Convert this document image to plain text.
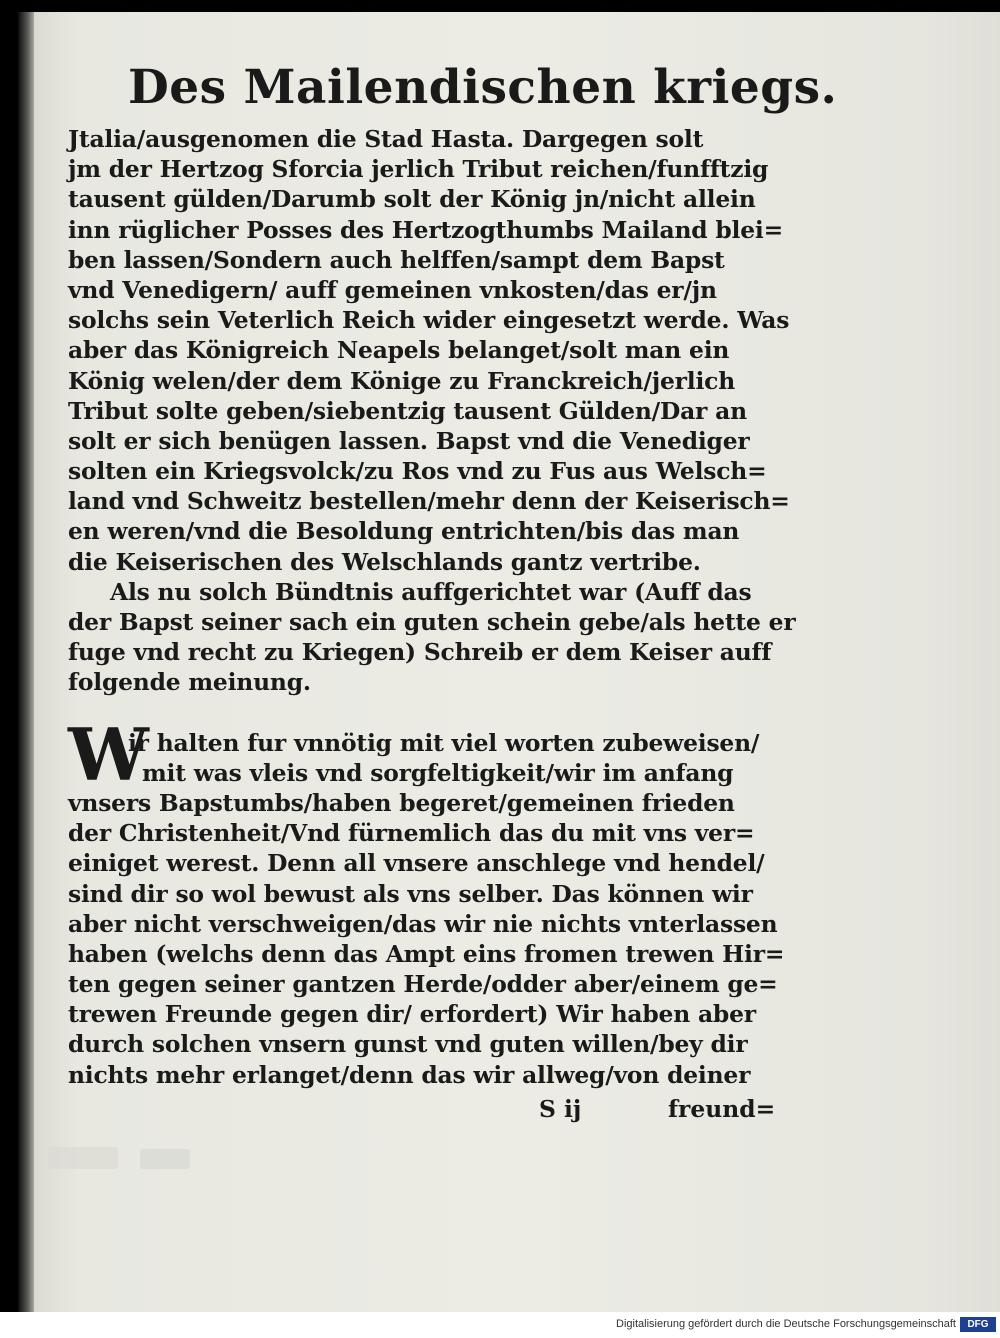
Des Mailendischen kriegs.
Jtalia/ausgenomen die Stad Hasta. Dargegen solt
jm der Hertzog Sforcia jerlich Tribut reichen/funfftzig
tausent gülden/Darumb solt der König jn/nicht allein
inn rüglicher Posses des Hertzogthumbs Mailand blei=
ben lassen/Sondern auch helffen/sampt dem Bapst
vnd Venedigern/ auff gemeinen vnkosten/das er/jn
solchs sein Veterlich Reich wider eingesetzt werde. Was
aber das Königreich Neapels belanget/solt man ein
König welen/der dem Könige zu Franckreich/jerlich
Tribut solte geben/siebentzig tausent Gülden/Dar an
solt er sich benügen lassen. Bapst vnd die Venediger
solten ein Kriegsvolck/zu Ros vnd zu Fus aus Welsch=
land vnd Schweitz bestellen/mehr denn der Keiserisch=
en weren/vnd die Besoldung entrichten/bis das man
die Keiserischen des Welschlands gantz vertribe.
Als nu solch Bündtnis auffgerichtet war (Auff das
der Bapst seiner sach ein guten schein gebe/als hette er
fuge vnd recht zu Kriegen) Schreib er dem Keiser auff
folgende meinung.
W
ir halten fur vnnötig mit viel worten zubeweisen/
mit was vleis vnd sorgfeltigkeit/wir im anfang
vnsers Bapstumbs/haben begeret/gemeinen frieden
der Christenheit/Vnd fürnemlich das du mit vns ver=
einiget werest. Denn all vnsere anschlege vnd hendel/
sind dir so wol bewust als vns selber. Das können wir
aber nicht verschweigen/das wir nie nichts vnterlassen
haben (welchs denn das Ampt eins fromen trewen Hir=
ten gegen seiner gantzen Herde/odder aber/einem ge=
trewen Freunde gegen dir/ erfordert) Wir haben aber
durch solchen vnsern gunst vnd guten willen/bey dir
nichts mehr erlanget/denn das wir allweg/von deiner
S ij	freund=
Digitalisierung gefördert durch die Deutsche Forschungsgemeinschaft	DFG
